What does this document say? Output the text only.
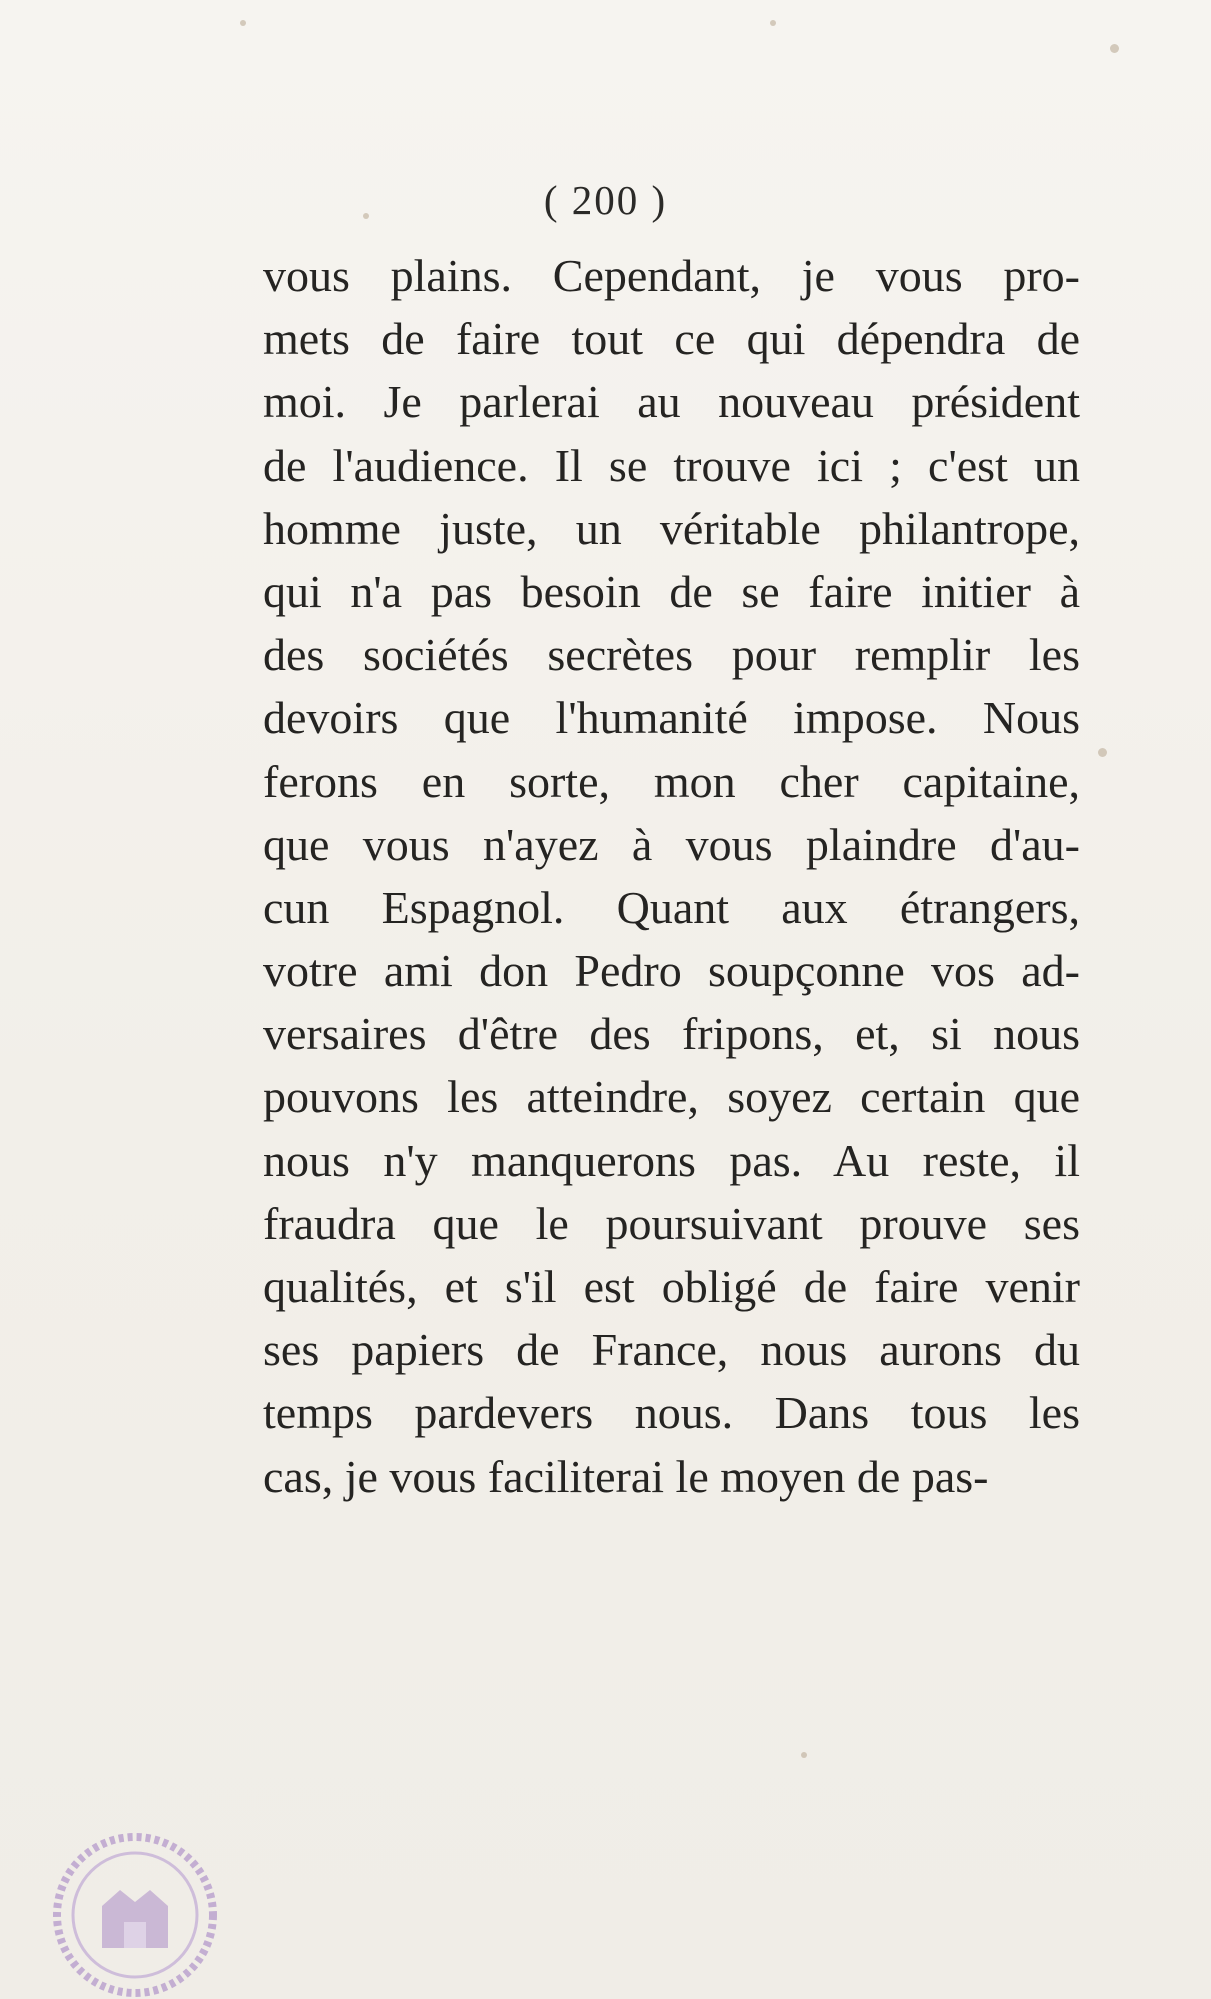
( 200 )
vous plains. Cependant, je vous pro-
mets de faire tout ce qui dépendra de
moi. Je parlerai au nouveau président
de l'audience. Il se trouve ici ; c'est un
homme juste, un véritable philantrope,
qui n'a pas besoin de se faire initier à
des sociétés secrètes pour remplir les
devoirs que l'humanité impose. Nous
ferons en sorte, mon cher capitaine,
que vous n'ayez à vous plaindre d'au-
cun Espagnol. Quant aux étrangers,
votre ami don Pedro soupçonne vos ad-
versaires d'être des fripons, et, si nous
pouvons les atteindre, soyez certain que
nous n'y manquerons pas. Au reste, il
fraudra que le poursuivant prouve ses
qualités, et s'il est obligé de faire venir
ses papiers de France, nous aurons du
temps pardevers nous. Dans tous les
cas, je vous faciliterai le moyen de pas-
